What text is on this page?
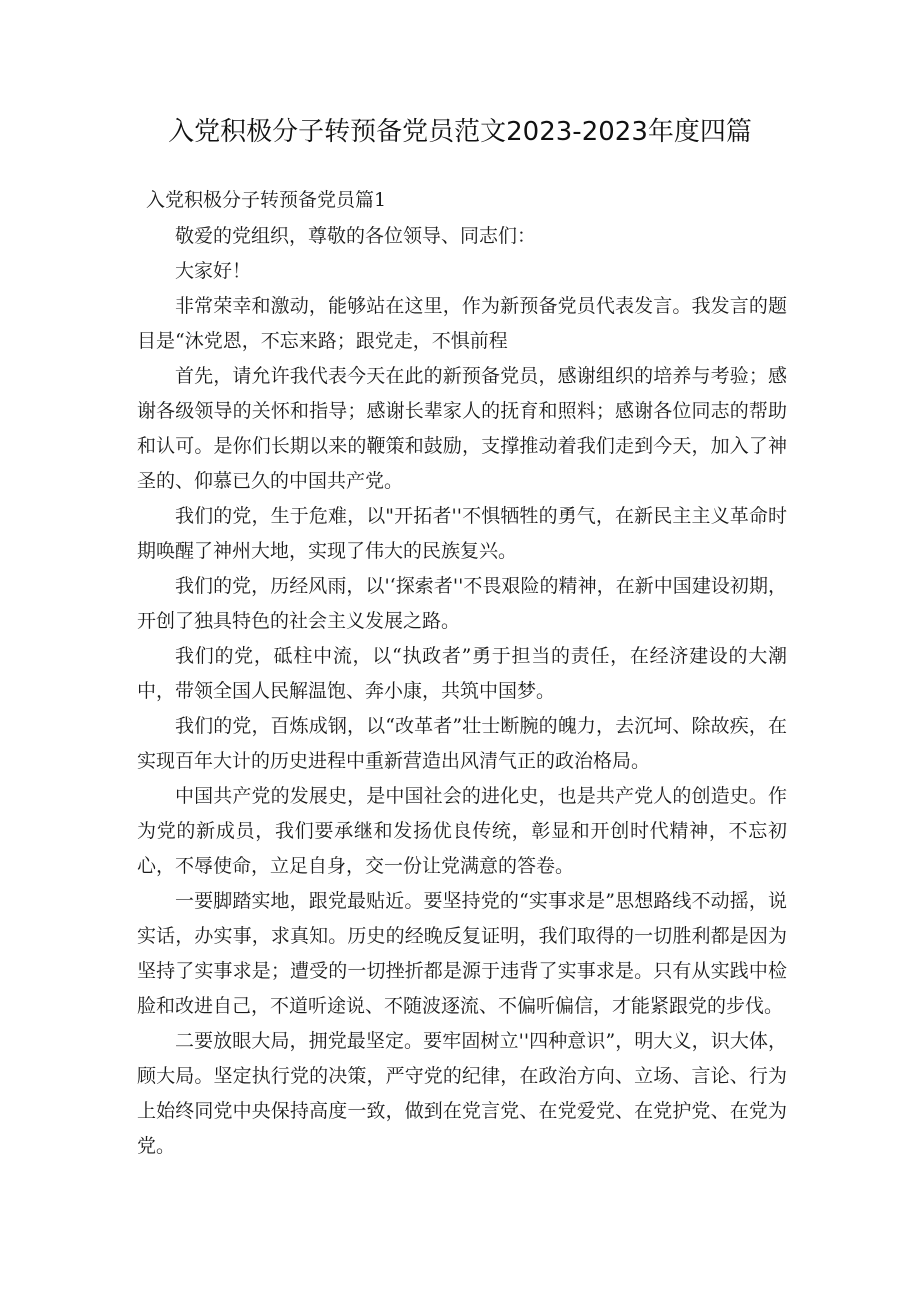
入党积极分子转预备党员范文2023-2023年度四篇
入党积极分子转预备党员篇1

敬爱的党组织，尊敬的各位领导、同志们：

大家好！

非常荣幸和激动，能够站在这里，作为新预备党员代表发言。我发言的题目是“沐党恩，不忘来路；跟党走，不惧前程

首先，请允许我代表今天在此的新预备党员，感谢组织的培养与考验；感谢各级领导的关怀和指导；感谢长辈家人的抚育和照料；感谢各位同志的帮助和认可。是你们长期以来的鞭策和鼓励，支撑推动着我们走到今天，加入了神圣的、仰慕已久的中国共产党。

我们的党，生于危难，以"开拓者''不惧牺牲的勇气，在新民主主义革命时期唤醒了神州大地，实现了伟大的民族复兴。

我们的党，历经风雨，以'‘探索者''不畏艰险的精神，在新中国建设初期，开创了独具特色的社会主义发展之路。

我们的党，砥柱中流，以“执政者”勇于担当的责任，在经济建设的大潮中，带领全国人民解温饱、奔小康，共筑中国梦。

我们的党，百炼成钢，以“改革者”壮士断腕的魄力，去沉坷、除故疾，在实现百年大计的历史进程中重新营造出风清气正的政治格局。

中国共产党的发展史，是中国社会的进化史，也是共产党人的创造史。作为党的新成员，我们要承继和发扬优良传统，彰显和开创时代精神，不忘初心，不辱使命，立足自身，交一份让党满意的答卷。

一要脚踏实地，跟党最贴近。要坚持党的“实事求是”思想路线不动摇，说实话，办实事，求真知。历史的经晚反复证明，我们取得的一切胜利都是因为坚持了实事求是；遭受的一切挫折都是源于违背了实事求是。只有从实践中检脸和改进自己，不道听途说、不随波逐流、不偏听偏信，才能紧跟党的步伐。

二要放眼大局，拥党最坚定。要牢固树立''四种意识”，明大义，识大体，顾大局。坚定执行党的决策，严守党的纪律，在政治方向、立场、言论、行为上始终同党中央保持高度一致，做到在党言党、在党爱党、在党护党、在党为党。
